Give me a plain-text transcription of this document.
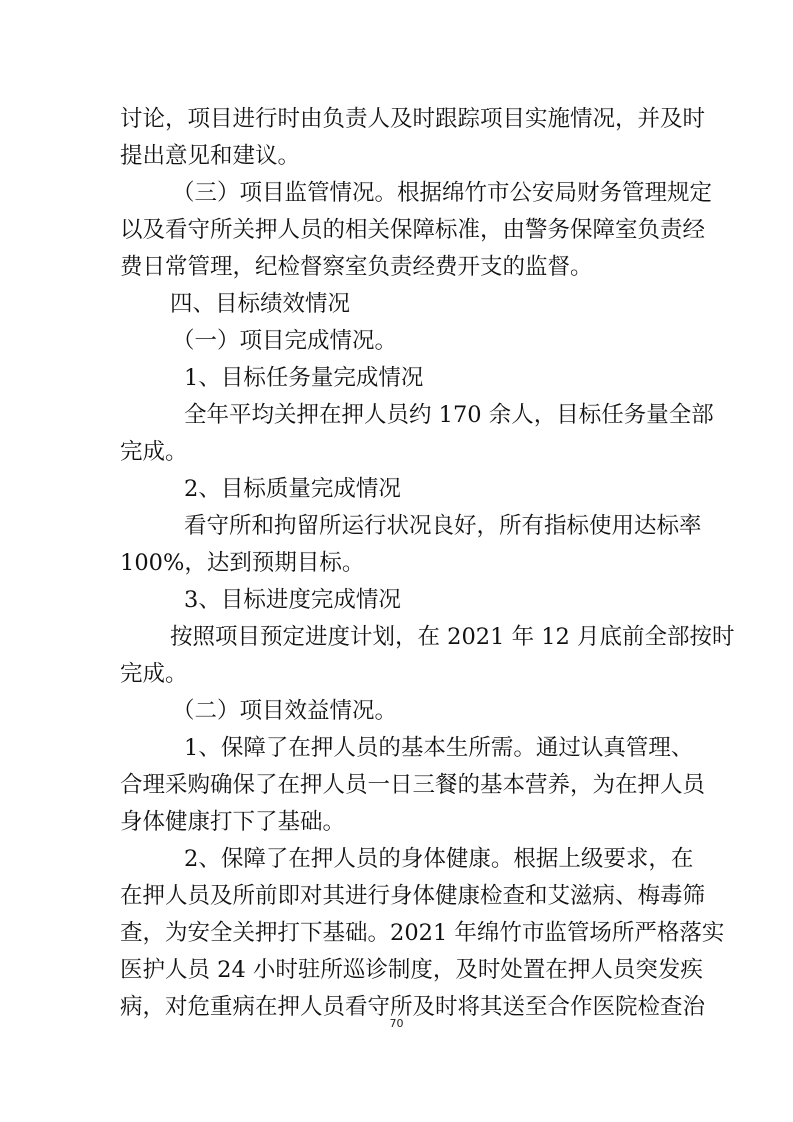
讨论，项目进行时由负责人及时跟踪项目实施情况，并及时
提出意见和建议。
（三）项目监管情况。根据绵竹市公安局财务管理规定
以及看守所关押人员的相关保障标准，由警务保障室负责经
费日常管理，纪检督察室负责经费开支的监督。
四、目标绩效情况
（一）项目完成情况。
1、目标任务量完成情况
全年平均关押在押人员约 170 余人，目标任务量全部
完成。
2、目标质量完成情况
看守所和拘留所运行状况良好，所有指标使用达标率
100%，达到预期目标。
3、目标进度完成情况
按照项目预定进度计划，在 2021 年 12 月底前全部按时
完成。
（二）项目效益情况。
1、保障了在押人员的基本生所需。通过认真管理、
合理采购确保了在押人员一日三餐的基本营养，为在押人员
身体健康打下了基础。
2、保障了在押人员的身体健康。根据上级要求，在
在押人员及所前即对其进行身体健康检查和艾滋病、梅毒筛
查，为安全关押打下基础。2021 年绵竹市监管场所严格落实
医护人员 24 小时驻所巡诊制度，及时处置在押人员突发疾
病，对危重病在押人员看守所及时将其送至合作医院检查治
70
